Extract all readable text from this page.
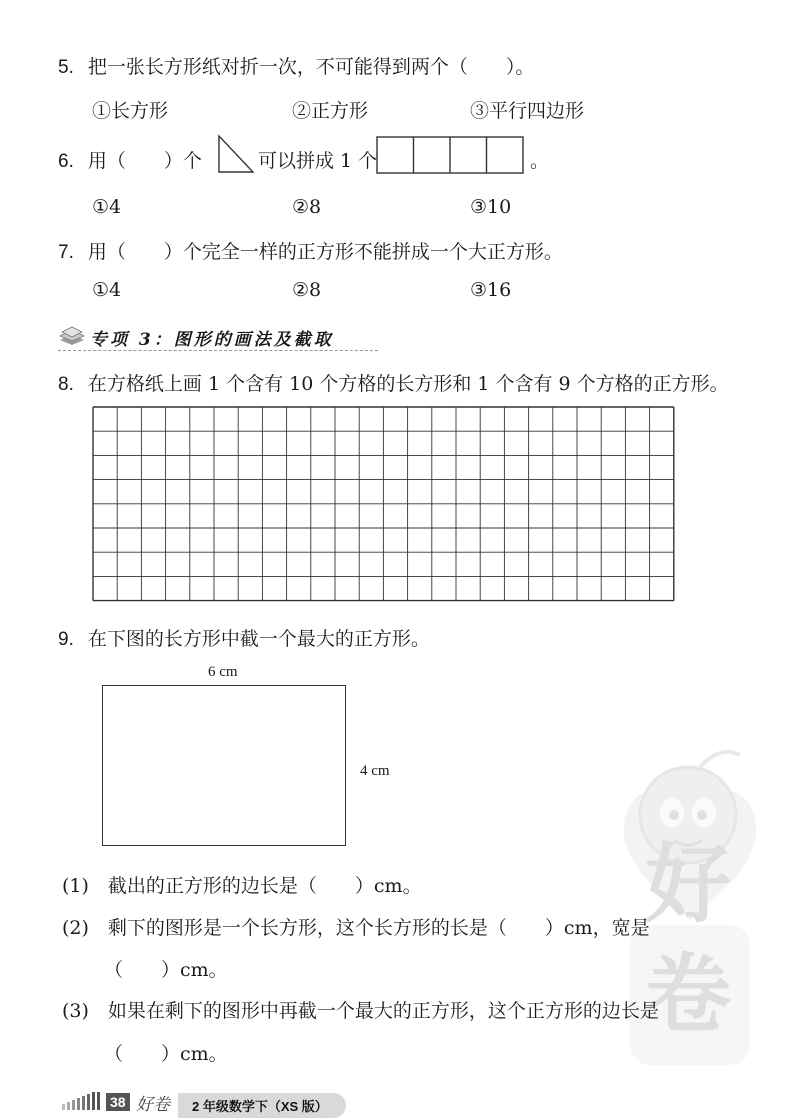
好卷
5. 把一张长方形纸对折一次，不可能得到两个（　　）。
①长方形	②正方形	③平行四边形
6. 用（　　）个	可以拼成 1 个	。
①4	②8	③10
7. 用（　　）个完全一样的正方形不能拼成一个大正方形。
①4	②8	③16
专项 3：图形的画法及截取
8. 在方格纸上画 1 个含有 10 个方格的长方形和 1 个含有 9 个方格的正方形。
9. 在下图的长方形中截一个最大的正方形。
6 cm
4 cm
(1)　截出的正方形的边长是（　　）cm。
(2)　剩下的图形是一个长方形，这个长方形的长是（　　）cm，宽是
（　　）cm。
(3)　如果在剩下的图形中再截一个最大的正方形，这个正方形的边长是
（　　）cm。
38 好卷	2 年级数学下（XS 版）
